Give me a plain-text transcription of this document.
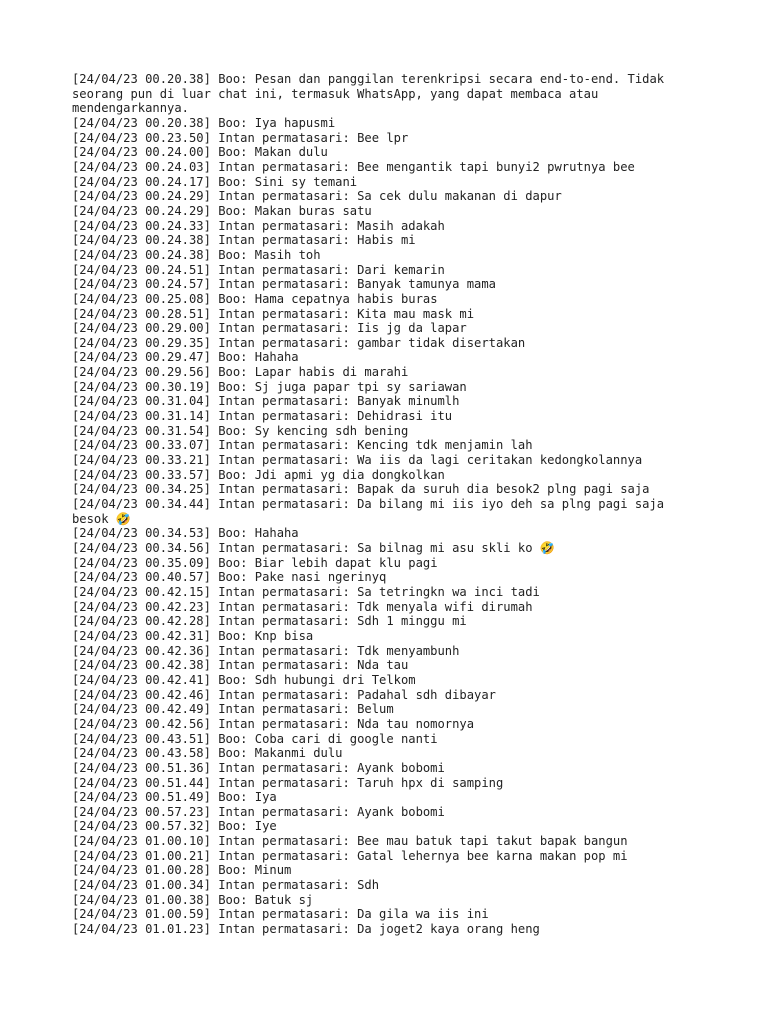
[24/04/23 00.20.38] Boo: Pesan dan panggilan terenkripsi secara end-to-end. Tidak seorang pun di luar chat ini, termasuk WhatsApp, yang dapat membaca atau mendengarkannya.
[24/04/23 00.20.38] Boo: Iya hapusmi
[24/04/23 00.23.50] Intan permatasari: Bee lpr
[24/04/23 00.24.00] Boo: Makan dulu
[24/04/23 00.24.03] Intan permatasari: Bee mengantik tapi bunyi2 pwrutnya bee
[24/04/23 00.24.17] Boo: Sini sy temani
[24/04/23 00.24.29] Intan permatasari: Sa cek dulu makanan di dapur
[24/04/23 00.24.29] Boo: Makan buras satu
[24/04/23 00.24.33] Intan permatasari: Masih adakah
[24/04/23 00.24.38] Intan permatasari: Habis mi
[24/04/23 00.24.38] Boo: Masih toh
[24/04/23 00.24.51] Intan permatasari: Dari kemarin
[24/04/23 00.24.57] Intan permatasari: Banyak tamunya mama
[24/04/23 00.25.08] Boo: Hama cepatnya habis buras
[24/04/23 00.28.51] Intan permatasari: Kita mau mask mi
[24/04/23 00.29.00] Intan permatasari: Iis jg da lapar
[24/04/23 00.29.35] Intan permatasari: gambar tidak disertakan
[24/04/23 00.29.47] Boo: Hahaha
[24/04/23 00.29.56] Boo: Lapar habis di marahi
[24/04/23 00.30.19] Boo: Sj juga papar tpi sy sariawan
[24/04/23 00.31.04] Intan permatasari: Banyak minumlh
[24/04/23 00.31.14] Intan permatasari: Dehidrasi itu
[24/04/23 00.31.54] Boo: Sy kencing sdh bening
[24/04/23 00.33.07] Intan permatasari: Kencing tdk menjamin lah
[24/04/23 00.33.21] Intan permatasari: Wa iis da lagi ceritakan kedongkolannya
[24/04/23 00.33.57] Boo: Jdi apmi yg dia dongkolkan
[24/04/23 00.34.25] Intan permatasari: Bapak da suruh dia besok2 plng pagi saja
[24/04/23 00.34.44] Intan permatasari: Da bilang mi iis iyo deh sa plng pagi saja besok 🤣
[24/04/23 00.34.53] Boo: Hahaha
[24/04/23 00.34.56] Intan permatasari: Sa bilnag mi asu skli ko 🤣
[24/04/23 00.35.09] Boo: Biar lebih dapat klu pagi
[24/04/23 00.40.57] Boo: Pake nasi ngerinyq
[24/04/23 00.42.15] Intan permatasari: Sa tetringkn wa inci tadi
[24/04/23 00.42.23] Intan permatasari: Tdk menyala wifi dirumah
[24/04/23 00.42.28] Intan permatasari: Sdh 1 minggu mi
[24/04/23 00.42.31] Boo: Knp bisa
[24/04/23 00.42.36] Intan permatasari: Tdk menyambunh
[24/04/23 00.42.38] Intan permatasari: Nda tau
[24/04/23 00.42.41] Boo: Sdh hubungi dri Telkom
[24/04/23 00.42.46] Intan permatasari: Padahal sdh dibayar
[24/04/23 00.42.49] Intan permatasari: Belum
[24/04/23 00.42.56] Intan permatasari: Nda tau nomornya
[24/04/23 00.43.51] Boo: Coba cari di google nanti
[24/04/23 00.43.58] Boo: Makanmi dulu
[24/04/23 00.51.36] Intan permatasari: Ayank bobomi
[24/04/23 00.51.44] Intan permatasari: Taruh hpx di samping
[24/04/23 00.51.49] Boo: Iya
[24/04/23 00.57.23] Intan permatasari: Ayank bobomi
[24/04/23 00.57.32] Boo: Iye
[24/04/23 01.00.10] Intan permatasari: Bee mau batuk tapi takut bapak bangun
[24/04/23 01.00.21] Intan permatasari: Gatal lehernya bee karna makan pop mi
[24/04/23 01.00.28] Boo: Minum
[24/04/23 01.00.34] Intan permatasari: Sdh
[24/04/23 01.00.38] Boo: Batuk sj
[24/04/23 01.00.59] Intan permatasari: Da gila wa iis ini
[24/04/23 01.01.23] Intan permatasari: Da joget2 kaya orang heng
